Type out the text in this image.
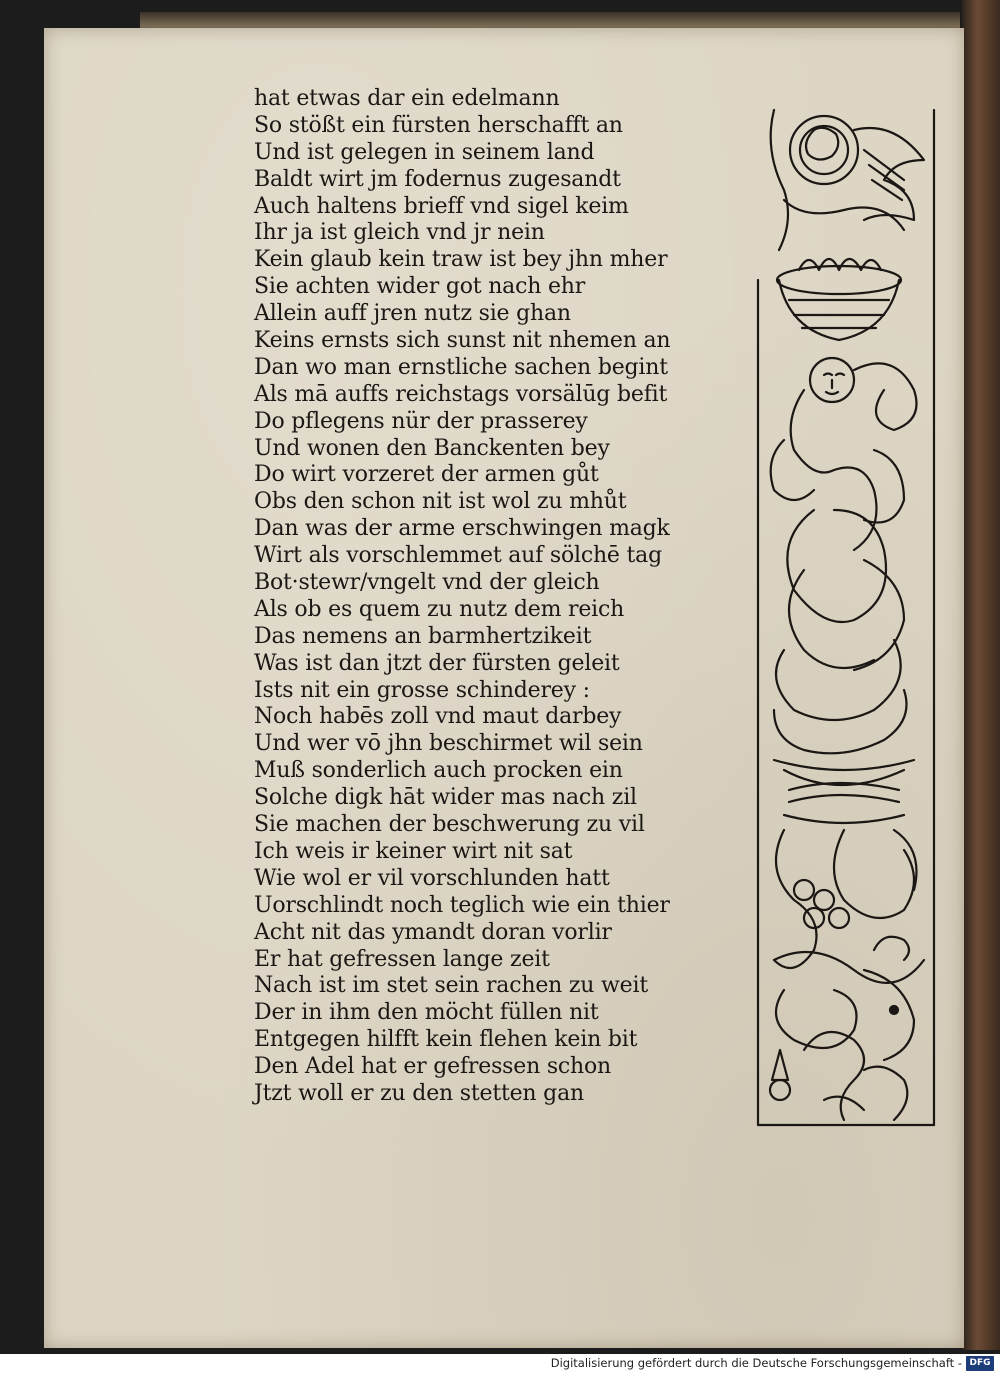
hat etwas dar ein edelmann
So stößt ein fürsten herschafft an
Und ist gelegen in seinem land
Baldt wirt jm fodernus zugesandt
Auch haltens brieff vnd sigel keim
Ihr ja ist gleich vnd jr nein
Kein glaub kein traw ist bey jhn mher
Sie achten wider got nach ehr
Allein auff jren nutz sie ghan
Keins ernsts sich sunst nit nhemen an
Dan wo man ernstliche sachen begint
Als mā auffs reichstags vorsälūg befit
Do pflegens nür der prasserey
Und wonen den Banckenten bey
Do wirt vorzeret der armen gůt
Obs den schon nit ist wol zu mhůt
Dan was der arme erschwingen magk
Wirt als vorschlemmet auf sölchē tag
Bot·stewr/vngelt vnd der gleich
Als ob es quem zu nutz dem reich
Das nemens an barmhertzikeit
Was ist dan jtzt der fürsten geleit
Ists nit ein grosse schinderey :
Noch habēs zoll vnd maut darbey
Und wer vō jhn beschirmet wil sein
Muß sonderlich auch procken ein
Solche digk hāt wider mas nach zil
Sie machen der beschwerung zu vil
Ich weis ir keiner wirt nit sat
Wie wol er vil vorschlunden hatt
Uorschlindt noch teglich wie ein thier
Acht nit das ymandt doran vorlir
Er hat gefressen lange zeit
Nach ist im stet sein rachen zu weit
Der in ihm den möcht füllen nit
Entgegen hilfft kein flehen kein bit
Den Adel hat er gefressen schon
Jtzt woll er zu den stetten gan
Digitalisierung gefördert durch die Deutsche Forschungsgemeinschaft - DFG
